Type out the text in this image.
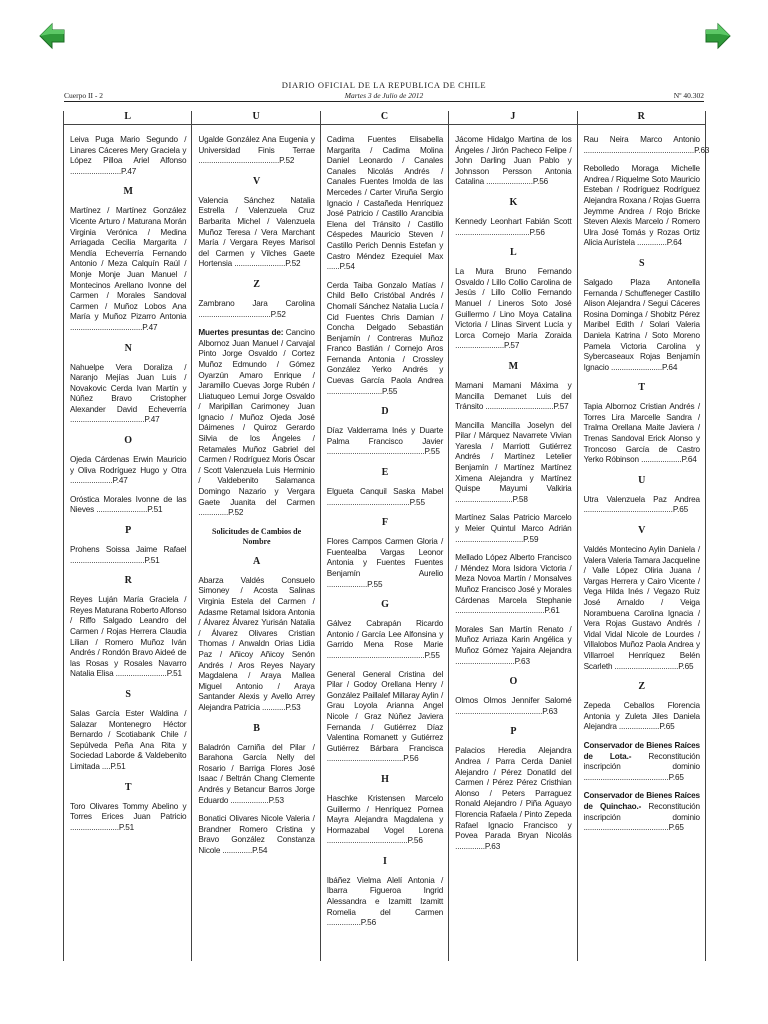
DIARIO OFICIAL DE LA REPUBLICA DE CHILE
Cuerpo II - 2	Martes 3 de Julio de 2012	Nº 40.302
L

Leiva Puga Mario Segundo / Linares Cáceres Mery Graciela y López Pilloa Ariel Alfonso ........................P.47

M

Martínez / Martínez González Vicente Arturo / Maturana Morán Virginia Verónica / Medina Arriagada Cecilia Margarita / Mendía Echeverría Fernando Antonio / Meza Calquín Raúl / Monje Monje Juan Manuel / Montecinos Arellano Ivonne del Carmen / Morales Sandoval Carmen / Muñoz Lobos Ana María y Muñoz Pizarro Antonia ..................................P.47

N

Nahuelpe Vera Doraliza / Naranjo Mejías Juan Luis / Novakovic Cerda Ivan Martín y Núñez Bravo Cristopher Alexander David Echeverría ...................................P.47

O

Ojeda Cárdenas Erwin Mauricio y Oliva Rodríguez Hugo y Otra ....................P.47

Oróstica Morales Ivonne de las Nieves ........................P.51

P

Prohens Soissa Jaime Rafael ...................................P.51

R

Reyes Luján María Graciela / Reyes Maturana Roberto Alfonso / Riffo Salgado Leandro del Carmen / Rojas Herrera Claudia Lilian / Romero Muñoz Iván Andrés / Rondón Bravo Aideé de las Rosas y Rosales Navarro Natalia Elisa ........................P.51

S

Salas García Ester Waldina / Salazar Montenegro Héctor Bernardo / Scotiabank Chile / Sepúlveda Peña Ana Rita y Sociedad Laborde & Valdebenito Limitada ....P.51

T

Toro Olivares Tommy Abelino y Torres Erices Juan Patricio .......................P.51

U

Ugalde González Ana Eugenia y Universidad Finis Terrae ......................................P.52

V

Valencia Sánchez Natalia Estrella / Valenzuela Cruz Barbarita Michel / Valenzuela Muñoz Teresa / Vera Marchant María / Vergara Reyes Marisol del Carmen y Vilches Gaete Hortensia ........................P.52

Z

Zambrano Jara Carolina ..................................P.52

Muertes presuntas de: Cancino Albornoz Juan Manuel / Carvajal Pinto Jorge Osvaldo / Cortez Muñoz Edmundo / Gómez Oyarzún Amaro Enrique / Jaramillo Cuevas Jorge Rubén / Lliatuqueo Lemui Jorge Osvaldo / Maripillan Carimoney Juan Ignacio / Muñoz Ojeda José Dáimenes / Quiroz Gerardo Silvia de los Ángeles / Retamales Muñoz Gabriel del Carmen / Rodríguez Moris Óscar / Scott Valenzuela Luis Herminio / Valdebenito Salamanca Domingo Nazario y Vergara Gaete Juanita del Carmen ..............P.52

Solicitudes de Cambios de Nombre
A

Abarza Valdés Consuelo Simoney / Acosta Salinas Virginia Estela del Carmen / Adasme Retamal Isidora Antonia / Álvarez Álvarez Yurisán Natalia / Álvarez Olivares Cristian Thomas / Anwaldn Orias Lidia Paz / Añicoy Añicoy Senón Andrés / Aros Reyes Nayary Magdalena / Araya Mallea Miguel Antonio / Araya Santander Alexis y Avello Arrey Alejandra Patricia ...........P.53

B

Baladrón Carniña del Pilar / Barahona García Nelly del Rosario / Barriga Flores José Isaac / Beltrán Chang Clemente Andrés y Betancur Barros Jorge Eduardo ..................P.53

Bonatici Olivares Nicole Valeria / Brandner Romero Cristina y Bravo González Constanza Nicole ..............P.54

C

Cadima Fuentes Elisabella Margarita / Cadima Molina Daniel Leonardo / Canales Canales Nicolás Andrés / Canales Fuentes Imolda de las Mercedes / Carter Viruña Sergio Ignacio / Castañeda Henríquez José Patricio / Castillo Arancibia Elena del Tránsito / Castillo Céspedes Mauricio Steven / Castillo Perich Dennis Estefan y Castro Méndez Ezequiel Max ......P.54

Cerda Taiba Gonzalo Matías / Child Bello Cristóbal Andrés / Chomalí Sánchez Natalia Lucía / Cid Fuentes Chris Damian / Concha Delgado Sebastián Benjamín / Contreras Muñoz Franco Bastián / Cornejo Aros Fernanda Antonia / Crossley González Yerko Andrés y Cuevas García Paola Andrea ..........................P.55

D

Díaz Valderrama Inés y Duarte Palma Francisco Javier ..............................................P.55

E

Elgueta Canquil Saska Mabel .......................................P.55

F

Flores Campos Carmen Gloria / Fuentealba Vargas Leonor Antonia y Fuentes Fuentes Benjamín Aurelio ...................P.55

G

Gálvez Cabrapán Ricardo Antonio / García Lee Alfonsina y Garrido Mena Rose Marie ..............................................P.55

General General Cristina del Pilar / Godoy Orellana Henry / González Paillalef Millaray Aylin / Grau Loyola Arianna Angel Nicole / Graz Núñez Javiera Fernanda / Gutiérrez Díaz Valentina Romanett y Gutiérrez Gutiérrez Bárbara Francisca ....................................P.56

H

Haschke Kristensen Marcelo Guillermo / Henríquez Pornea Mayra Alejandra Magdalena y Hormazabal Vogel Lorena ......................................P.56

I

Ibáñez Vielma Alelí Antonia / Ibarra Figueroa Ingrid Alessandra e Izamitt Izamitt Romelia del Carmen ................P.56

J

Jácome Hidalgo Martina de los Ángeles / Jirón Pacheco Felipe / John Darling Juan Pablo y Johnsson Persson Antonia Catalina ......................P.56

K

Kennedy Leonhart Fabián Scott ...................................P.56

L

La Mura Bruno Fernando Osvaldo / Lillo Collio Carolina de Jesús / Lillo Collio Fernando Manuel / Lineros Soto José Guillermo / Lino Moya Catalina Victoria / Llinas Sirvent Lucía y Lorca Cornejo María Zoraida .......................P.57

M

Mamani Mamani Máxima y Mancilla Demanet Luis del Tránsito ................................P.57

Mancilla Mancilla Joselyn del Pilar / Márquez Navarrete Vivian Yaresla / Marriott Gutiérrez Andrés / Martínez Letelier Benjamín / Martínez Martínez Ximena Alejandra y Martínez Quispe Mayumi Valkiria ...........................P.58

Martínez Salas Patricio Marcelo y Meier Quintul Marco Adrián ................................P.59

Mellado López Alberto Francisco / Méndez Mora Isidora Victoria / Meza Novoa Martín / Monsalves Muñoz Francisco José y Morales Cárdenas Marcela Stephanie ..........................................P.61

Morales San Martín Renato / Muñoz Arriaza Karin Angélica y Muñoz Gómez Yajaira Alejandra ............................P.63

O

Olmos Olmos Jennifer Salomé .........................................P.63

P

Palacios Heredia Alejandra Andrea / Parra Cerda Daniel Alejandro / Pérez Donatild del Carmen / Pérez Pérez Cristhian Alonso / Peters Parraguez Ronald Alejandro / Piña Aguayo Florencia Rafaela / Pinto Zepeda Rafael Ignacio Francisco y Povea Parada Bryan Nicolás ..............P.63

R

Rau Neira Marco Antonio ....................................................P.63

Rebolledo Moraga Michelle Andrea / Riquelme Soto Mauricio Esteban / Rodríguez Rodríguez Alejandra Roxana / Rojas Guerra Jeymme Andrea / Rojo Bricke Steven Alexis Marcelo / Romero Ulra José Tomás y Rozas Ortiz Alicia Aurístela ..............P.64

S

Salgado Plaza Antonella Fernanda / Schuffeneger Castillo Alison Alejandra / Segui Cáceres Rosina Dominga / Shobitz Pérez Maribel Edith / Solari Valeria Daniela Katrina / Soto Moreno Pamela Victoria Carolina y Sybercaseaux Rojas Benjamín Ignacio ........................P.64

T

Tapia Albornoz Cristian Andrés / Torres Lira Marcelle Sandra / Tralma Orellana Maite Javiera / Trenas Sandoval Erick Alonso y Troncoso García de Castro Yerko Róbinson ...................P.64

U

Utra Valenzuela Paz Andrea ..........................................P.65

V

Valdés Montecino Aylin Daniela / Valera Valeria Tamara Jacqueline / Valle López Oliria Juana / Vargas Herrera y Cairo Vicente / Vega Hilda Inés / Vegazo Ruiz José Arnaldo / Veiga Norambuena Carolina Ignacia / Vera Rojas Gustavo Andrés / Vidal Vidal Nicole de Lourdes / Villalobos Muñoz Paola Andrea y Villarroel Henríquez Belén Scarleth ..............................P.65

Z

Zepeda Ceballos Florencia Antonia y Zuleta Jiles Daniela Alejandra ...................P.65

Conservador de Bienes Raíces de Lota.- Reconstitución inscripción dominio ........................................P.65

Conservador de Bienes Raíces de Quinchao.- Reconstitución inscripción dominio ........................................P.65
